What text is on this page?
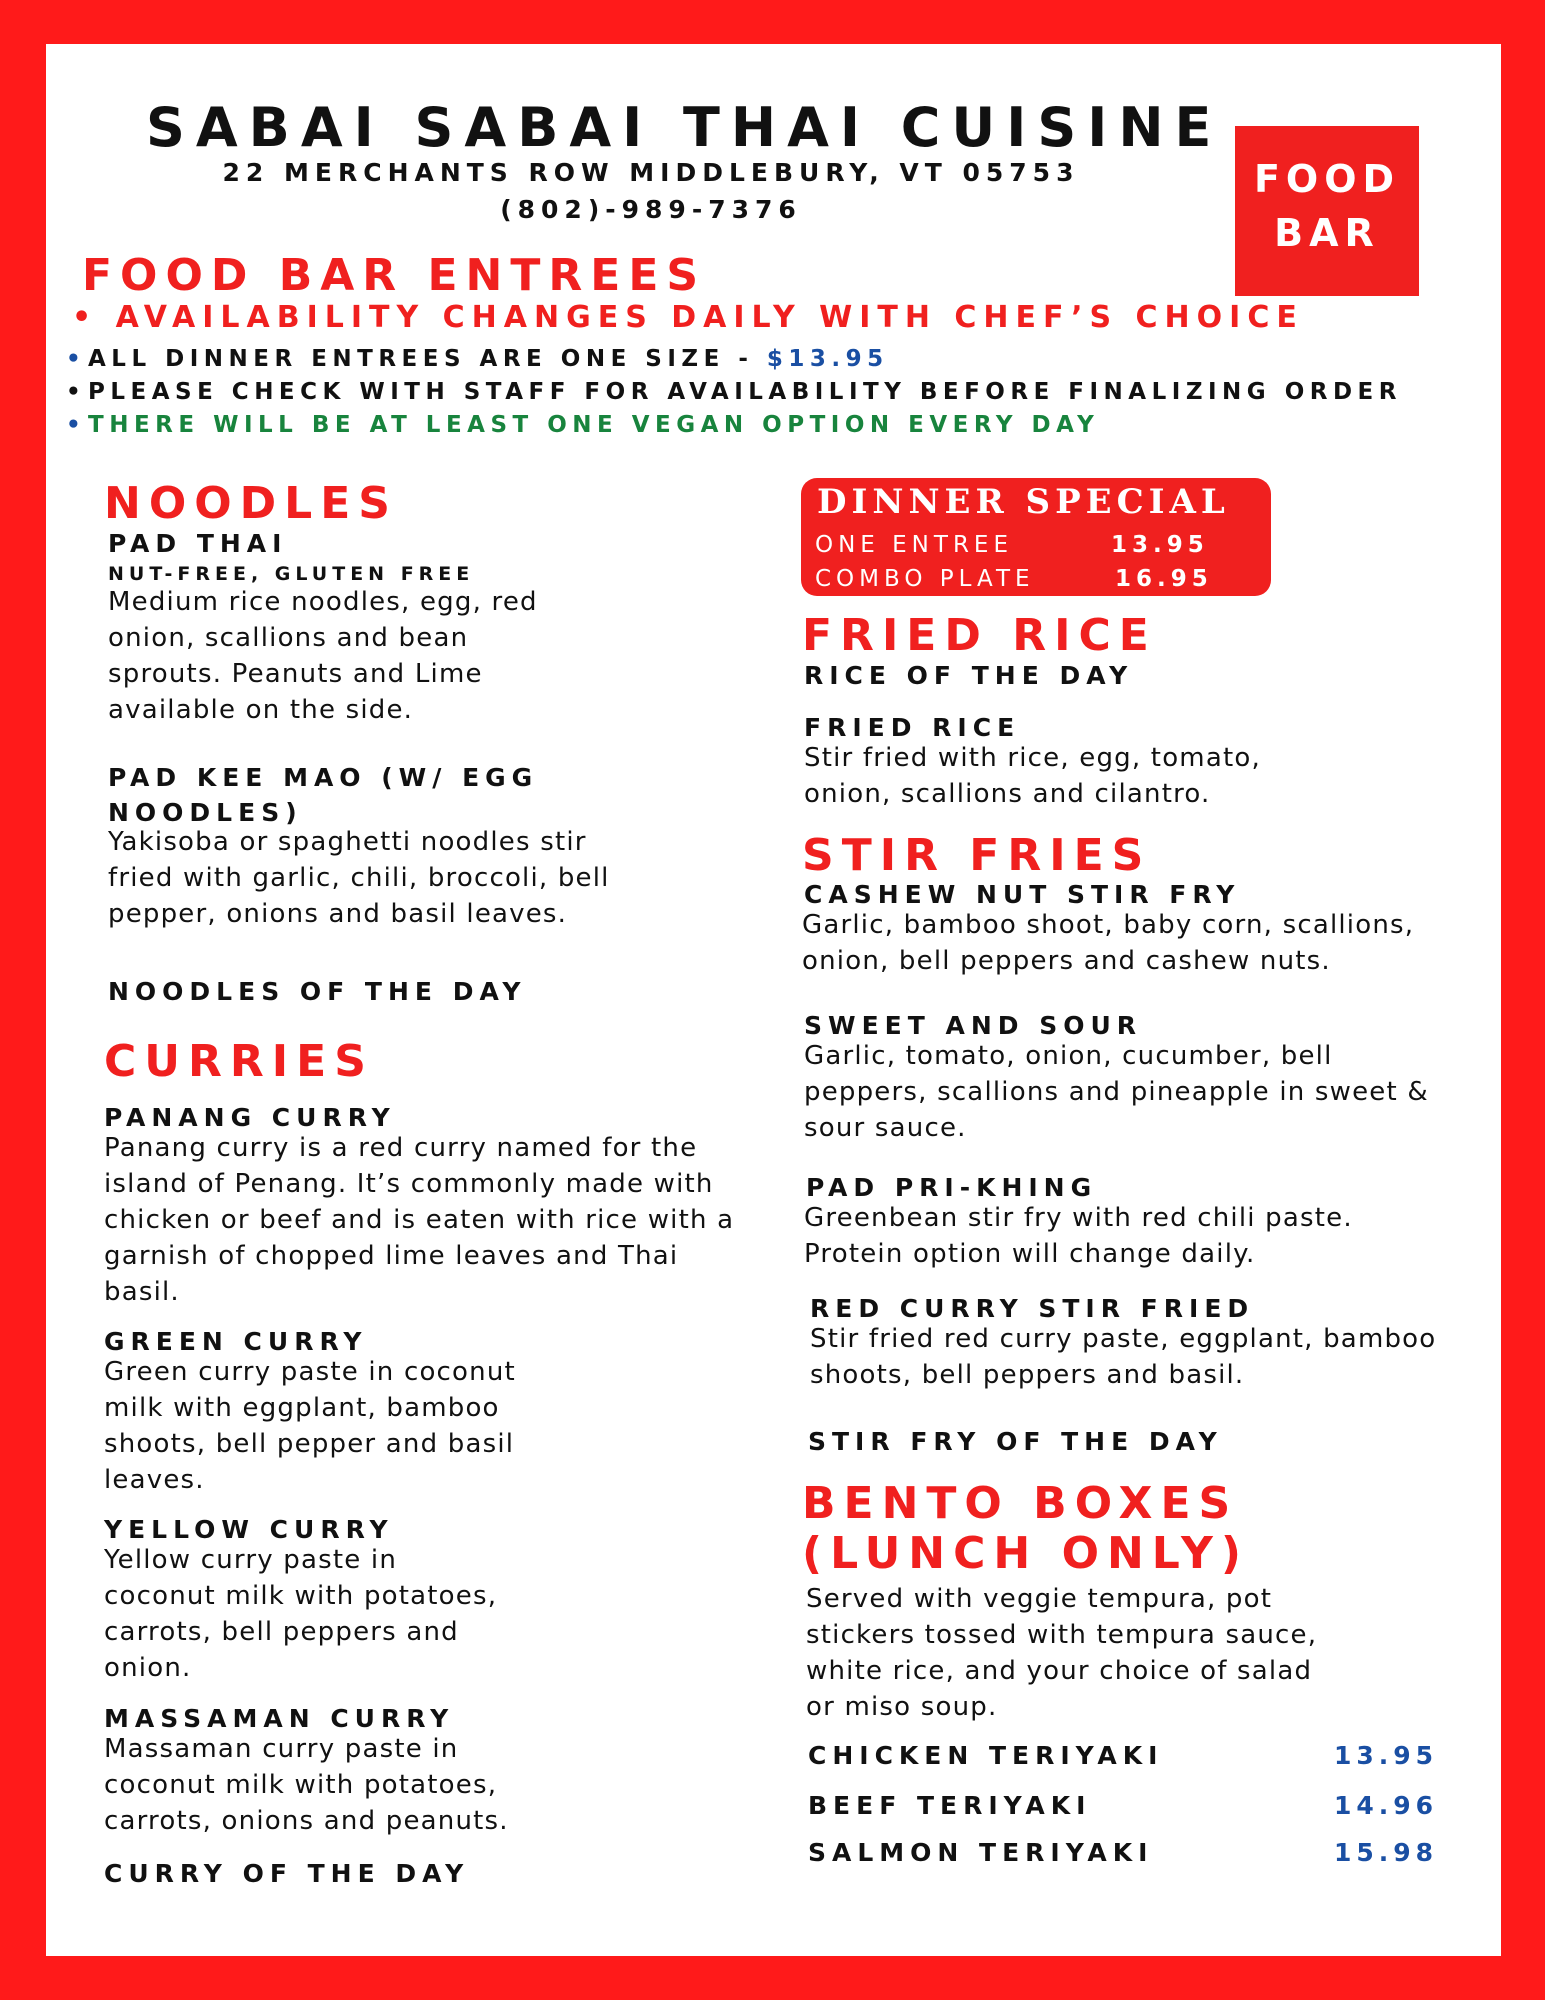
SABAI SABAI THAI CUISINE
22 MERCHANTS ROW MIDDLEBURY, VT 05753
(802)-989-7376
FOOD
BAR
FOOD BAR ENTREES
• AVAILABILITY CHANGES DAILY WITH CHEF’S CHOICE
•ALL DINNER ENTREES ARE ONE SIZE - $13.95
•PLEASE CHECK WITH STAFF FOR AVAILABILITY BEFORE FINALIZING ORDER
•THERE WILL BE AT LEAST ONE VEGAN OPTION EVERY DAY
NOODLES
PAD THAI
NUT-FREE, GLUTEN FREE
Medium rice noodles, egg, red
onion, scallions and bean
sprouts. Peanuts and Lime
available on the side.
PAD KEE MAO (W/ EGG
NOODLES)
Yakisoba or spaghetti noodles stir
fried with garlic, chili, broccoli, bell
pepper, onions and basil leaves.
NOODLES OF THE DAY
CURRIES
PANANG CURRY
Panang curry is a red curry named for the
island of Penang. It’s commonly made with
chicken or beef and is eaten with rice with a
garnish of chopped lime leaves and Thai
basil.
GREEN CURRY
Green curry paste in coconut
milk with eggplant, bamboo
shoots, bell pepper and basil
leaves.
YELLOW CURRY
Yellow curry paste in
coconut milk with potatoes,
carrots, bell peppers and
onion.
MASSAMAN CURRY
Massaman curry paste in
coconut milk with potatoes,
carrots, onions and peanuts.
CURRY OF THE DAY
DINNER SPECIAL
ONE ENTREE	13.95
COMBO PLATE	16.95
FRIED RICE
RICE OF THE DAY
FRIED RICE
Stir fried with rice, egg, tomato,
onion, scallions and cilantro.
STIR FRIES
CASHEW NUT STIR FRY
Garlic, bamboo shoot, baby corn, scallions,
onion, bell peppers and cashew nuts.
SWEET AND SOUR
Garlic, tomato, onion, cucumber, bell
peppers, scallions and pineapple in sweet &
sour sauce.
PAD PRI-KHING
Greenbean stir fry with red chili paste.
Protein option will change daily.
RED CURRY STIR FRIED
Stir fried red curry paste, eggplant, bamboo
shoots, bell peppers and basil.
STIR FRY OF THE DAY
BENTO BOXES
(LUNCH ONLY)
Served with veggie tempura, pot
stickers tossed with tempura sauce,
white rice, and your choice of salad
or miso soup.
CHICKEN TERIYAKI	13.95
BEEF TERIYAKI	14.96
SALMON TERIYAKI	15.98
